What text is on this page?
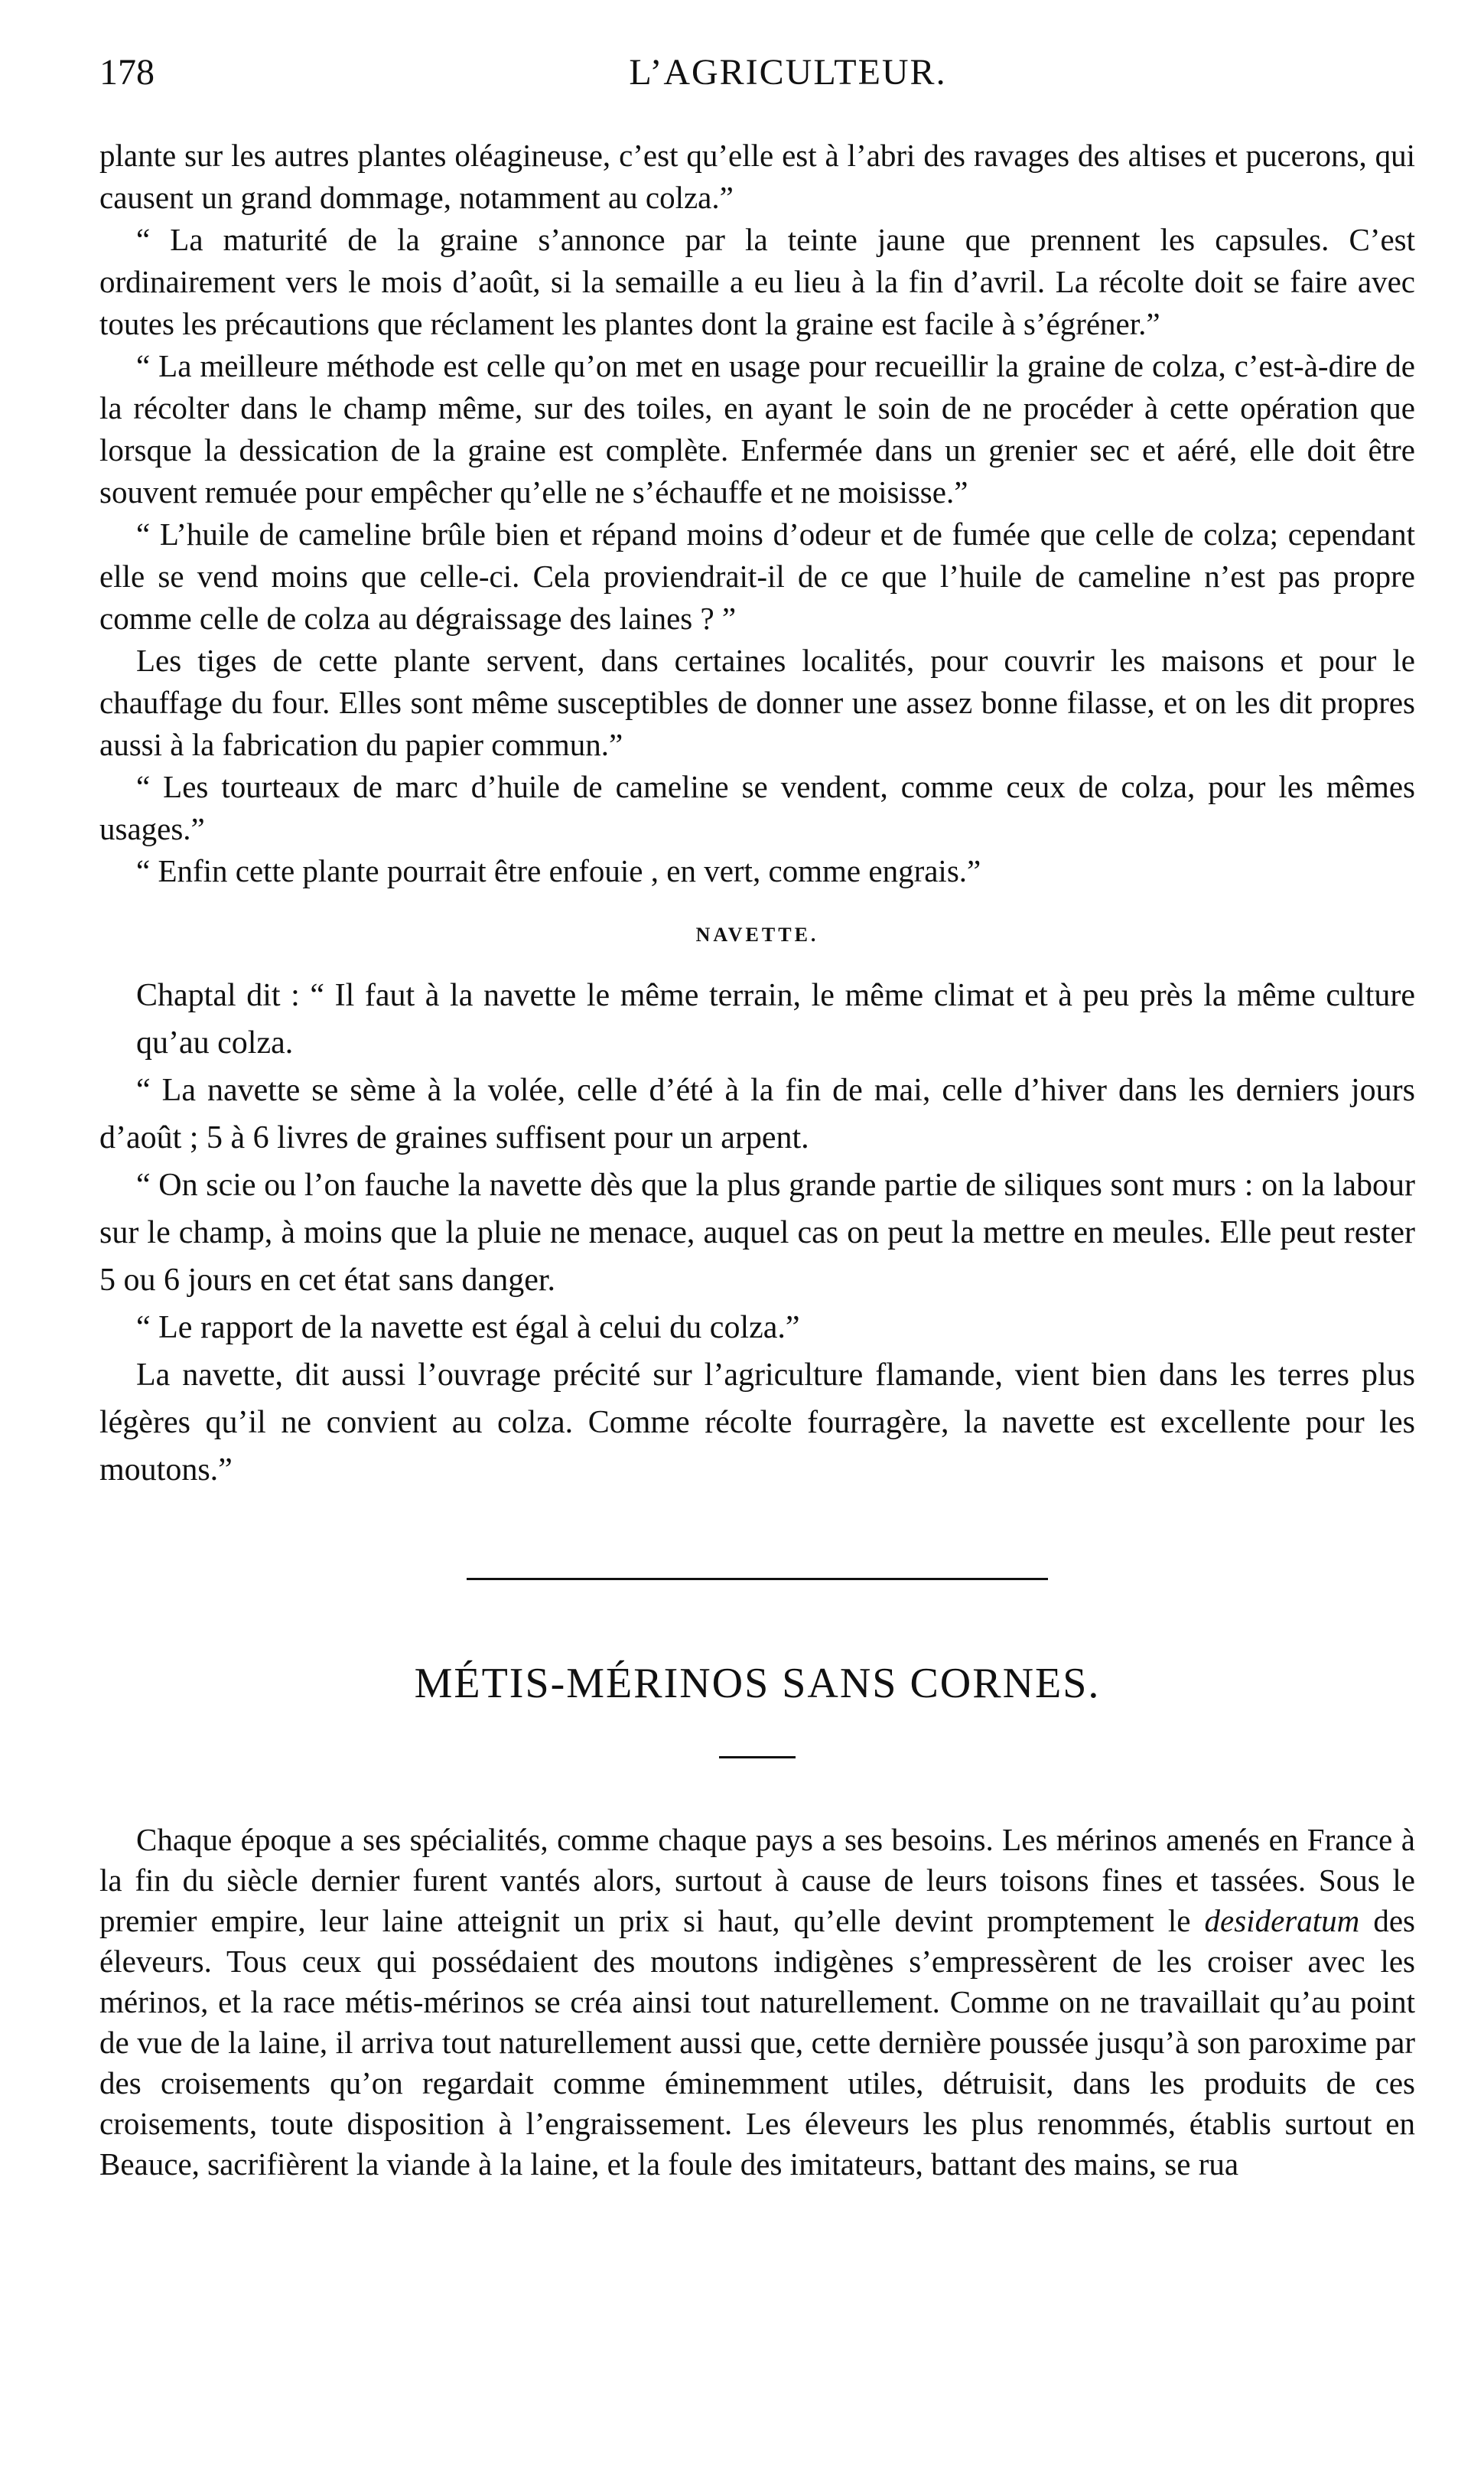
178	L’AGRICULTEUR.

plante sur les autres plantes oléagineuse, c’est qu’elle est à l’abri des ravages des altises et pucerons, qui causent un grand dommage, notamment au colza.”

“ La maturité de la graine s’annonce par la teinte jaune que prennent les capsules. C’est ordinairement vers le mois d’août, si la semaille a eu lieu à la fin d’avril. La récolte doit se faire avec toutes les précautions que réclament les plantes dont la graine est facile à s’égréner.”

“ La meilleure méthode est celle qu’on met en usage pour recueillir la graine de colza, c’est-à-dire de la récolter dans le champ même, sur des toiles, en ayant le soin de ne procéder à cette opération que lorsque la dessication de la graine est complète. Enfermée dans un grenier sec et aéré, elle doit être souvent remuée pour empêcher qu’elle ne s’échauffe et ne moisisse.”

“ L’huile de cameline brûle bien et répand moins d’odeur et de fumée que celle de colza; cependant elle se vend moins que celle-ci. Cela proviendrait-il de ce que l’huile de cameline n’est pas propre comme celle de colza au dégraissage des laines ? ”

Les tiges de cette plante servent, dans certaines localités, pour couvrir les maisons et pour le chauffage du four. Elles sont même susceptibles de donner une assez bonne filasse, et on les dit propres aussi à la fabrication du papier commun.”

“ Les tourteaux de marc d’huile de cameline se vendent, comme ceux de colza, pour les mêmes usages.”

“ Enfin cette plante pourrait être enfouie , en vert, comme engrais.”

NAVETTE.

Chaptal dit : “ Il faut à la navette le même terrain, le même climat et à peu près la même culture qu’au colza.

“ La navette se sème à la volée, celle d’été à la fin de mai, celle d’hiver dans les derniers jours d’août ; 5 à 6 livres de graines suffisent pour un arpent.

“ On scie ou l’on fauche la navette dès que la plus grande partie de siliques sont murs : on la labour sur le champ, à moins que la pluie ne menace, auquel cas on peut la mettre en meules. Elle peut rester 5 ou 6 jours en cet état sans danger.

“ Le rapport de la navette est égal à celui du colza.”

La navette, dit aussi l’ouvrage précité sur l’agriculture flamande, vient bien dans les terres plus légères qu’il ne convient au colza. Comme récolte fourragère, la navette est excellente pour les moutons.”

MÉTIS-MÉRINOS SANS CORNES.

Chaque époque a ses spécialités, comme chaque pays a ses besoins. Les mérinos amenés en France à la fin du siècle dernier furent vantés alors, surtout à cause de leurs toisons fines et tassées. Sous le premier empire, leur laine atteignit un prix si haut, qu’elle devint promptement le desideratum des éleveurs. Tous ceux qui possédaient des moutons indigènes s’empressèrent de les croiser avec les mérinos, et la race métis-mérinos se créa ainsi tout naturellement. Comme on ne travaillait qu’au point de vue de la laine, il arriva tout naturellement aussi que, cette dernière poussée jusqu’à son paroxime par des croisements qu’on regardait comme éminemment utiles, détruisit, dans les produits de ces croisements, toute disposition à l’engraissement. Les éleveurs les plus renommés, établis surtout en Beauce, sacrifièrent la viande à la laine, et la foule des imitateurs, battant des mains, se rua
